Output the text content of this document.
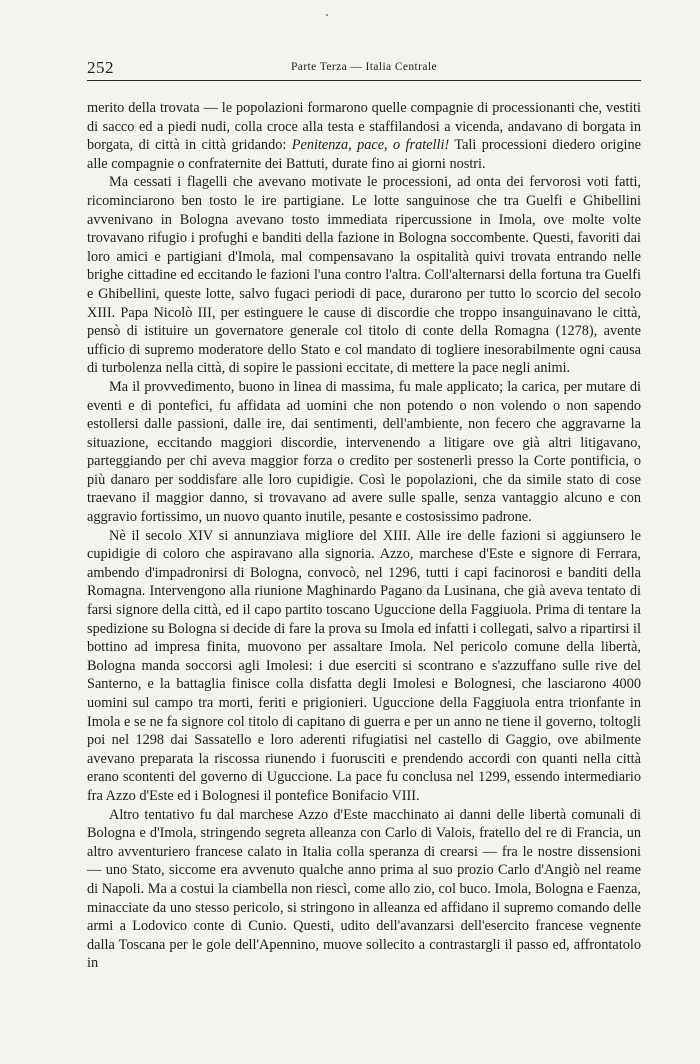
252	Parte Terza — Italia Centrale

merito della trovata — le popolazioni formarono quelle compagnie di processionanti che, vestiti di sacco ed a piedi nudi, colla croce alla testa e staffilandosi a vicenda, andavano di borgata in borgata, di città in città gridando: Penitenza, pace, o fratelli! Tali processioni diedero origine alle compagnie o confraternite dei Battuti, durate fino ai giorni nostri.

Ma cessati i flagelli che avevano motivate le processioni, ad onta dei fervorosi voti fatti, ricominciarono ben tosto le ire partigiane. Le lotte sanguinose che tra Guelfi e Ghibellini avvenivano in Bologna avevano tosto immediata ripercussione in Imola, ove molte volte trovavano rifugio i profughi e banditi della fazione in Bologna soccombente. Questi, favoriti dai loro amici e partigiani d'Imola, mal compensavano la ospitalità quivi trovata entrando nelle brighe cittadine ed eccitando le fazioni l'una contro l'altra. Coll'alternarsi della fortuna tra Guelfi e Ghibellini, queste lotte, salvo fugaci periodi di pace, durarono per tutto lo scorcio del secolo XIII. Papa Nicolò III, per estinguere le cause di discordie che troppo insanguinavano le città, pensò di istituire un governatore generale col titolo di conte della Romagna (1278), avente ufficio di supremo moderatore dello Stato e col mandato di togliere inesorabilmente ogni causa di turbolenza nella città, di sopire le passioni eccitate, di mettere la pace negli animi.

Ma il provvedimento, buono in linea di massima, fu male applicato; la carica, per mutare di eventi e di pontefici, fu affidata ad uomini che non potendo o non volendo o non sapendo estollersi dalle passioni, dalle ire, dai sentimenti, dell'ambiente, non fecero che aggravarne la situazione, eccitando maggiori discordie, intervenendo a litigare ove già altri litigavano, parteggiando per chi aveva maggior forza o credito per sostenerli presso la Corte pontificia, o più danaro per soddisfare alle loro cupidigie. Così le popolazioni, che da simile stato di cose traevano il maggior danno, si trovavano ad avere sulle spalle, senza vantaggio alcuno e con aggravio fortissimo, un nuovo quanto inutile, pesante e costosissimo padrone.

Nè il secolo XIV si annunziava migliore del XIII. Alle ire delle fazioni si aggiunsero le cupidigie di coloro che aspiravano alla signoria. Azzo, marchese d'Este e signore di Ferrara, ambendo d'impadronirsi di Bologna, convocò, nel 1296, tutti i capi facinorosi e banditi della Romagna. Intervengono alla riunione Maghinardo Pagano da Lusinana, che già aveva tentato di farsi signore della città, ed il capo partito toscano Uguccione della Faggiuola. Prima di tentare la spedizione su Bologna si decide di fare la prova su Imola ed infatti i collegati, salvo a ripartirsi il bottino ad impresa finita, muovono per assaltare Imola. Nel pericolo comune della libertà, Bologna manda soccorsi agli Imolesi: i due eserciti si scontrano e s'azzuffano sulle rive del Santerno, e la battaglia finisce colla disfatta degli Imolesi e Bolognesi, che lasciarono 4000 uomini sul campo tra morti, feriti e prigionieri. Uguccione della Faggiuola entra trionfante in Imola e se ne fa signore col titolo di capitano di guerra e per un anno ne tiene il governo, toltogli poi nel 1298 dai Sassatello e loro aderenti rifugiatisi nel castello di Gaggio, ove abilmente avevano preparata la riscossa riunendo i fuorusciti e prendendo accordi con quanti nella città erano scontenti del governo di Uguccione. La pace fu conclusa nel 1299, essendo intermediario fra Azzo d'Este ed i Bolognesi il pontefice Bonifacio VIII.

Altro tentativo fu dal marchese Azzo d'Este macchinato ai danni delle libertà comunali di Bologna e d'Imola, stringendo segreta alleanza con Carlo di Valois, fratello del re di Francia, un altro avventuriero francese calato in Italia colla speranza di crearsi — fra le nostre dissensioni — uno Stato, siccome era avvenuto qualche anno prima al suo prozio Carlo d'Angiò nel reame di Napoli. Ma a costui la ciambella non riescì, come allo zio, col buco. Imola, Bologna e Faenza, minacciate da uno stesso pericolo, si stringono in alleanza ed affidano il supremo comando delle armi a Lodovico conte di Cunio. Questi, udito dell'avanzarsi dell'esercito francese vegnente dalla Toscana per le gole dell'Apennino, muove sollecito a contrastargli il passo ed, affrontatolo in
